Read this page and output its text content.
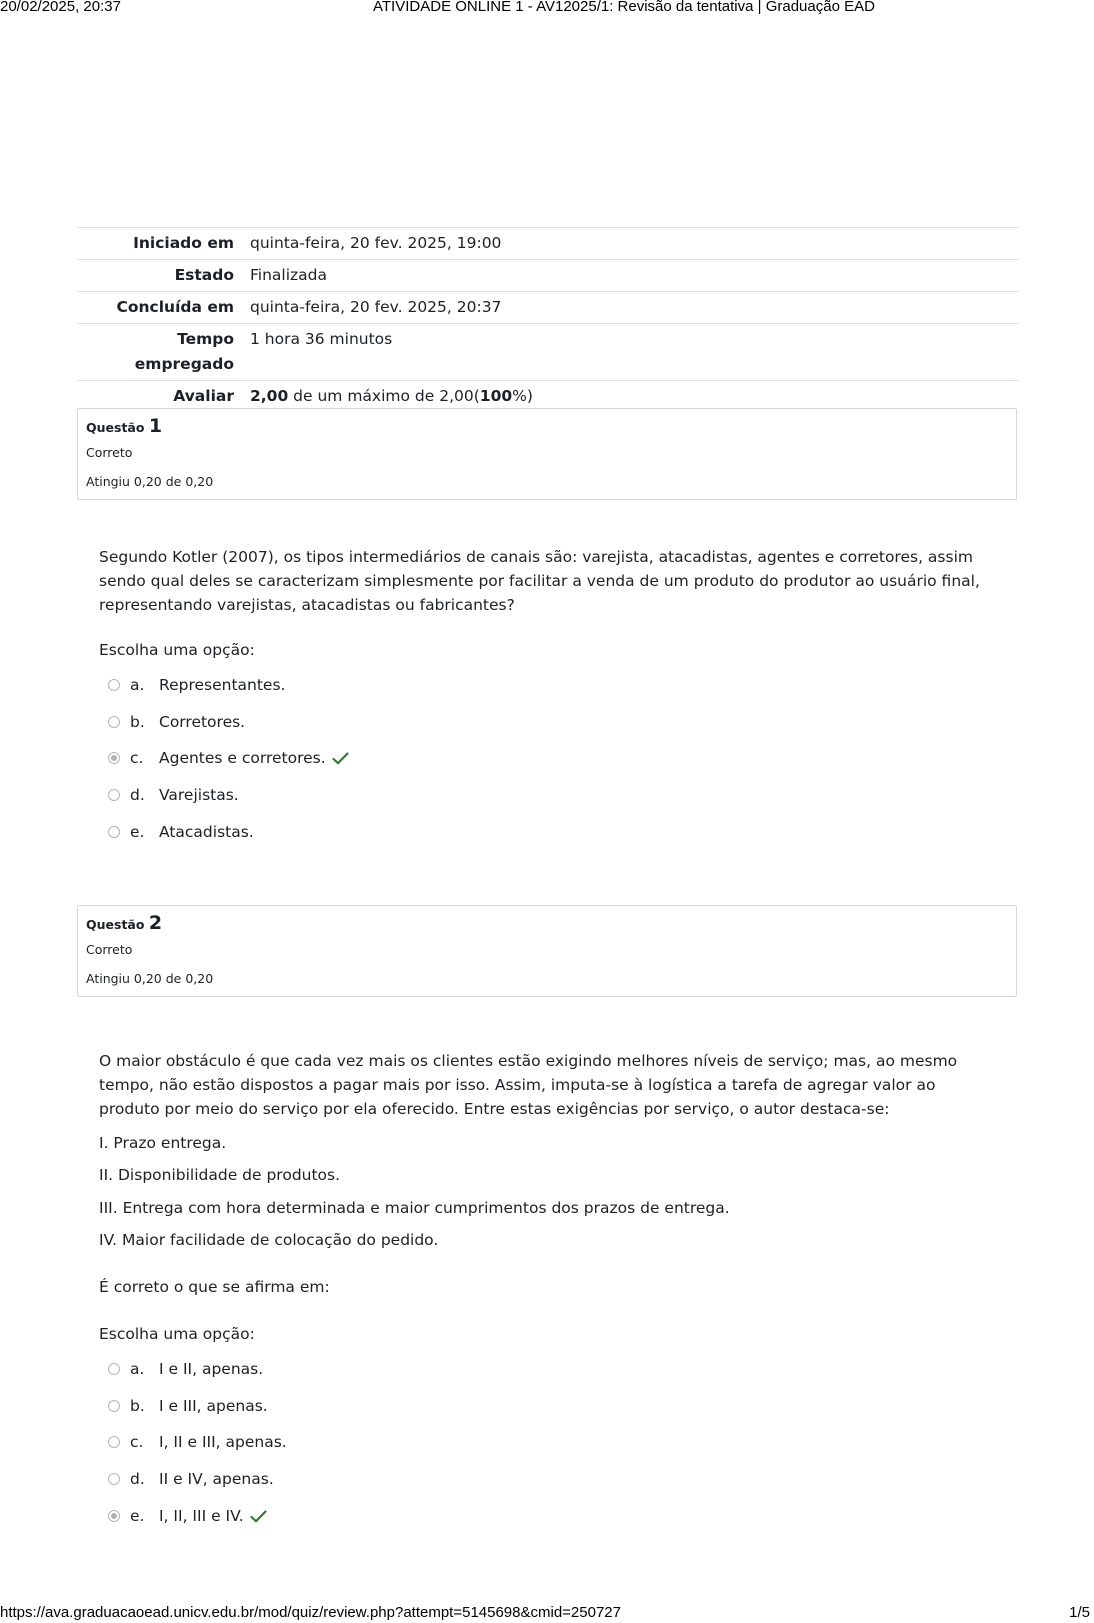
20/02/2025, 20:37	ATIVIDADE ONLINE 1 - AV12025/1: Revisão da tentativa | Graduação EAD
Iniciado em	quinta-feira, 20 fev. 2025, 19:00
Estado	Finalizada
Concluída em	quinta-feira, 20 fev. 2025, 20:37
Tempo
empregado	1 hora 36 minutos
Avaliar	2,00 de um máximo de 2,00(100%)
Questão 1
Correto
Atingiu 0,20 de 0,20
Segundo Kotler (2007), os tipos intermediários de canais são: varejista, atacadistas, agentes e corretores, assim sendo qual deles se caracterizam simplesmente por facilitar a venda de um produto do produtor ao usuário final, representando varejistas, atacadistas ou fabricantes?
Escolha uma opção:
a. Representantes.
b. Corretores.
c.	Agentes e corretores.
d. Varejistas.
e. Atacadistas.
Questão 2
Correto
Atingiu 0,20 de 0,20
O maior obstáculo é que cada vez mais os clientes estão exigindo melhores níveis de serviço; mas, ao mesmo tempo, não estão dispostos a pagar mais por isso. Assim, imputa-se à logística a tarefa de agregar valor ao produto por meio do serviço por ela oferecido. Entre estas exigências por serviço, o autor destaca-se:
I. Prazo entrega.
II. Disponibilidade de produtos.
III. Entrega com hora determinada e maior cumprimentos dos prazos de entrega.
IV. Maior facilidade de colocação do pedido.
É correto o que se afirma em:
Escolha uma opção:
a. I e II, apenas.
b. I e III, apenas.
c.	I, II e III, apenas.
d. II e IV, apenas.
e. I, II, III e IV.
https://ava.graduacaoead.unicv.edu.br/mod/quiz/review.php?attempt=5145698&cmid=250727	1/5
